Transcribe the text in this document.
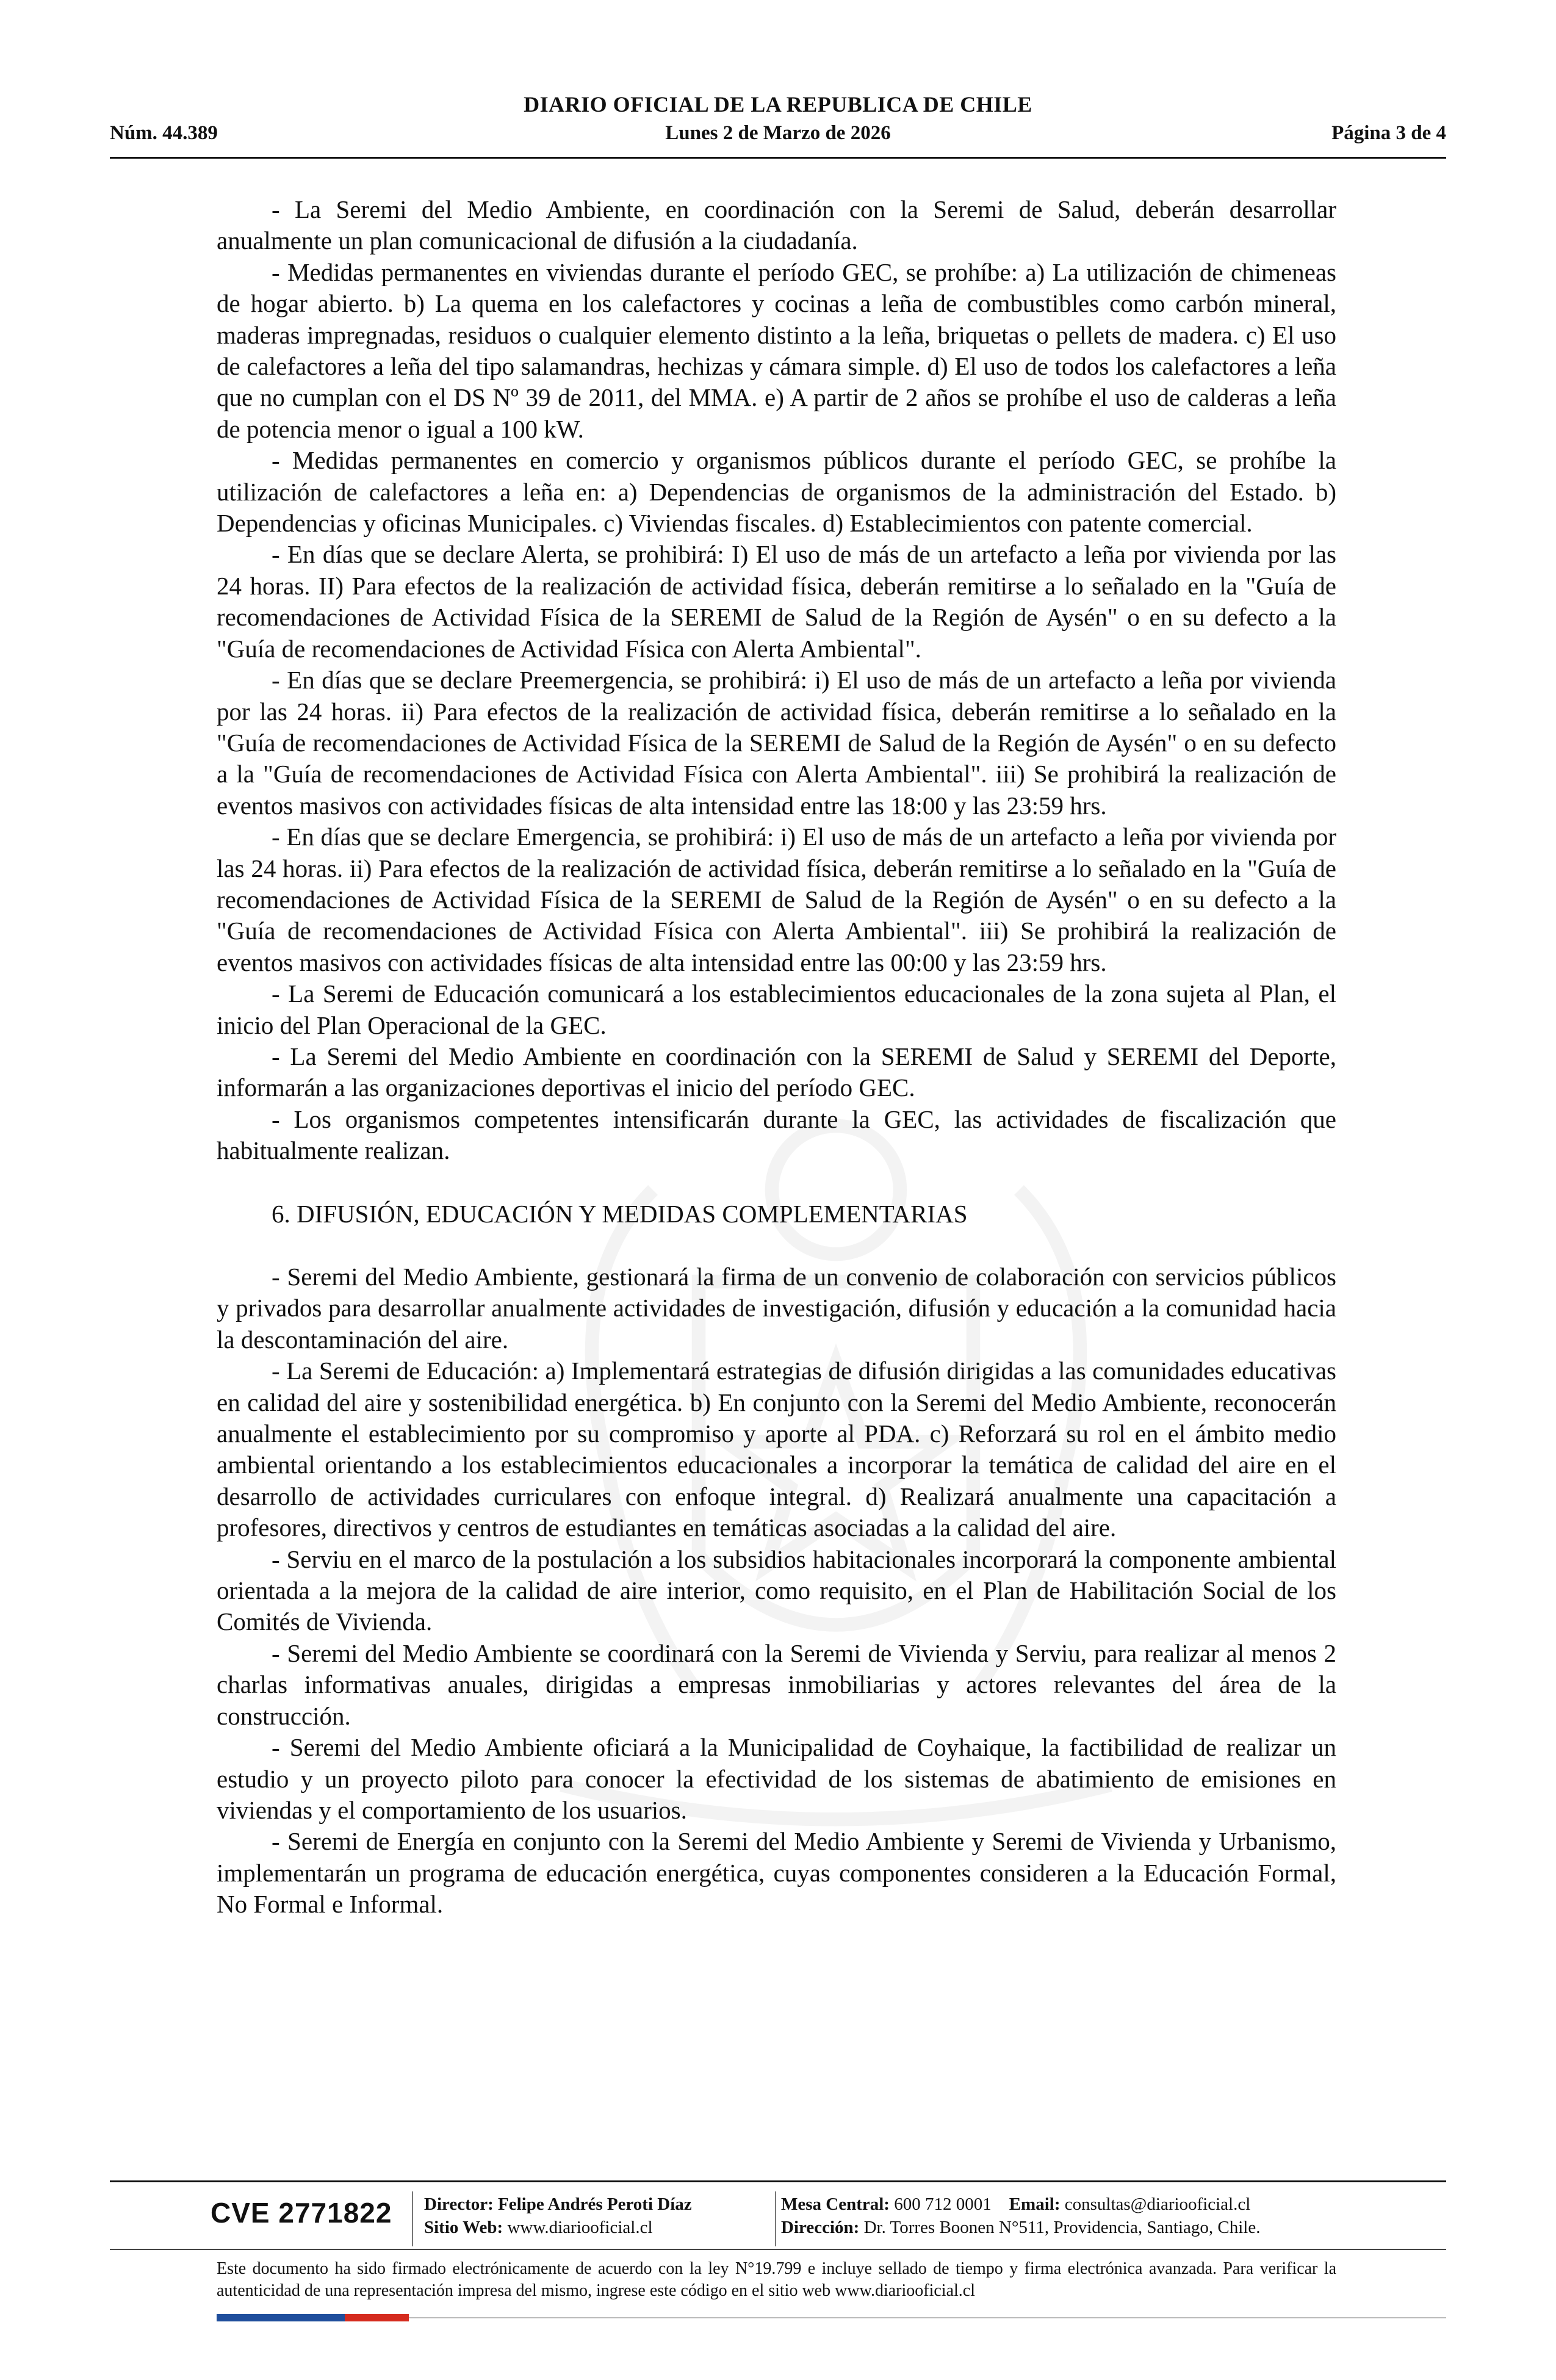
DIARIO OFICIAL DE LA REPUBLICA DE CHILE
Núm. 44.389	Lunes 2 de Marzo de 2026	Página 3 de 4

- La Seremi del Medio Ambiente, en coordinación con la Seremi de Salud, deberán desarrollar anualmente un plan comunicacional de difusión a la ciudadanía.

- Medidas permanentes en viviendas durante el período GEC, se prohíbe: a) La utilización de chimeneas de hogar abierto. b) La quema en los calefactores y cocinas a leña de combustibles como carbón mineral, maderas impregnadas, residuos o cualquier elemento distinto a la leña, briquetas o pellets de madera. c) El uso de calefactores a leña del tipo salamandras, hechizas y cámara simple. d) El uso de todos los calefactores a leña que no cumplan con el DS Nº 39 de 2011, del MMA. e) A partir de 2 años se prohíbe el uso de calderas a leña de potencia menor o igual a 100 kW.

- Medidas permanentes en comercio y organismos públicos durante el período GEC, se prohíbe la utilización de calefactores a leña en: a) Dependencias de organismos de la administración del Estado. b) Dependencias y oficinas Municipales. c) Viviendas fiscales. d) Establecimientos con patente comercial.

- En días que se declare Alerta, se prohibirá: I) El uso de más de un artefacto a leña por vivienda por las 24 horas. II) Para efectos de la realización de actividad física, deberán remitirse a lo señalado en la "Guía de recomendaciones de Actividad Física de la SEREMI de Salud de la Región de Aysén" o en su defecto a la "Guía de recomendaciones de Actividad Física con Alerta Ambiental".

- En días que se declare Preemergencia, se prohibirá: i) El uso de más de un artefacto a leña por vivienda por las 24 horas. ii) Para efectos de la realización de actividad física, deberán remitirse a lo señalado en la "Guía de recomendaciones de Actividad Física de la SEREMI de Salud de la Región de Aysén" o en su defecto a la "Guía de recomendaciones de Actividad Física con Alerta Ambiental". iii) Se prohibirá la realización de eventos masivos con actividades físicas de alta intensidad entre las 18:00 y las 23:59 hrs.

- En días que se declare Emergencia, se prohibirá: i) El uso de más de un artefacto a leña por vivienda por las 24 horas. ii) Para efectos de la realización de actividad física, deberán remitirse a lo señalado en la "Guía de recomendaciones de Actividad Física de la SEREMI de Salud de la Región de Aysén" o en su defecto a la "Guía de recomendaciones de Actividad Física con Alerta Ambiental". iii) Se prohibirá la realización de eventos masivos con actividades físicas de alta intensidad entre las 00:00 y las 23:59 hrs.

- La Seremi de Educación comunicará a los establecimientos educacionales de la zona sujeta al Plan, el inicio del Plan Operacional de la GEC.

- La Seremi del Medio Ambiente en coordinación con la SEREMI de Salud y SEREMI del Deporte, informarán a las organizaciones deportivas el inicio del período GEC.

- Los organismos competentes intensificarán durante la GEC, las actividades de fiscalización que habitualmente realizan.

6. DIFUSIÓN, EDUCACIÓN Y MEDIDAS COMPLEMENTARIAS

- Seremi del Medio Ambiente, gestionará la firma de un convenio de colaboración con servicios públicos y privados para desarrollar anualmente actividades de investigación, difusión y educación a la comunidad hacia la descontaminación del aire.

- La Seremi de Educación: a) Implementará estrategias de difusión dirigidas a las comunidades educativas en calidad del aire y sostenibilidad energética. b) En conjunto con la Seremi del Medio Ambiente, reconocerán anualmente el establecimiento por su compromiso y aporte al PDA. c) Reforzará su rol en el ámbito medio ambiental orientando a los establecimientos educacionales a incorporar la temática de calidad del aire en el desarrollo de actividades curriculares con enfoque integral. d) Realizará anualmente una capacitación a profesores, directivos y centros de estudiantes en temáticas asociadas a la calidad del aire.

- Serviu en el marco de la postulación a los subsidios habitacionales incorporará la componente ambiental orientada a la mejora de la calidad de aire interior, como requisito, en el Plan de Habilitación Social de los Comités de Vivienda.

- Seremi del Medio Ambiente se coordinará con la Seremi de Vivienda y Serviu, para realizar al menos 2 charlas informativas anuales, dirigidas a empresas inmobiliarias y actores relevantes del área de la construcción.

- Seremi del Medio Ambiente oficiará a la Municipalidad de Coyhaique, la factibilidad de realizar un estudio y un proyecto piloto para conocer la efectividad de los sistemas de abatimiento de emisiones en viviendas y el comportamiento de los usuarios.

- Seremi de Energía en conjunto con la Seremi del Medio Ambiente y Seremi de Vivienda y Urbanismo, implementarán un programa de educación energética, cuyas componentes consideren a la Educación Formal, No Formal e Informal.

CVE 2771822 Director: Felipe Andrés Peroti Díaz
Sitio Web: www.diariooficial.cl
Mesa Central: 600 712 0001 Email: consultas@diariooficial.cl
Dirección: Dr. Torres Boonen N°511, Providencia, Santiago, Chile.
Este documento ha sido firmado electrónicamente de acuerdo con la ley N°19.799 e incluye sellado de tiempo y firma electrónica avanzada. Para verificar la autenticidad de una representación impresa del mismo, ingrese este código en el sitio web www.diariooficial.cl
